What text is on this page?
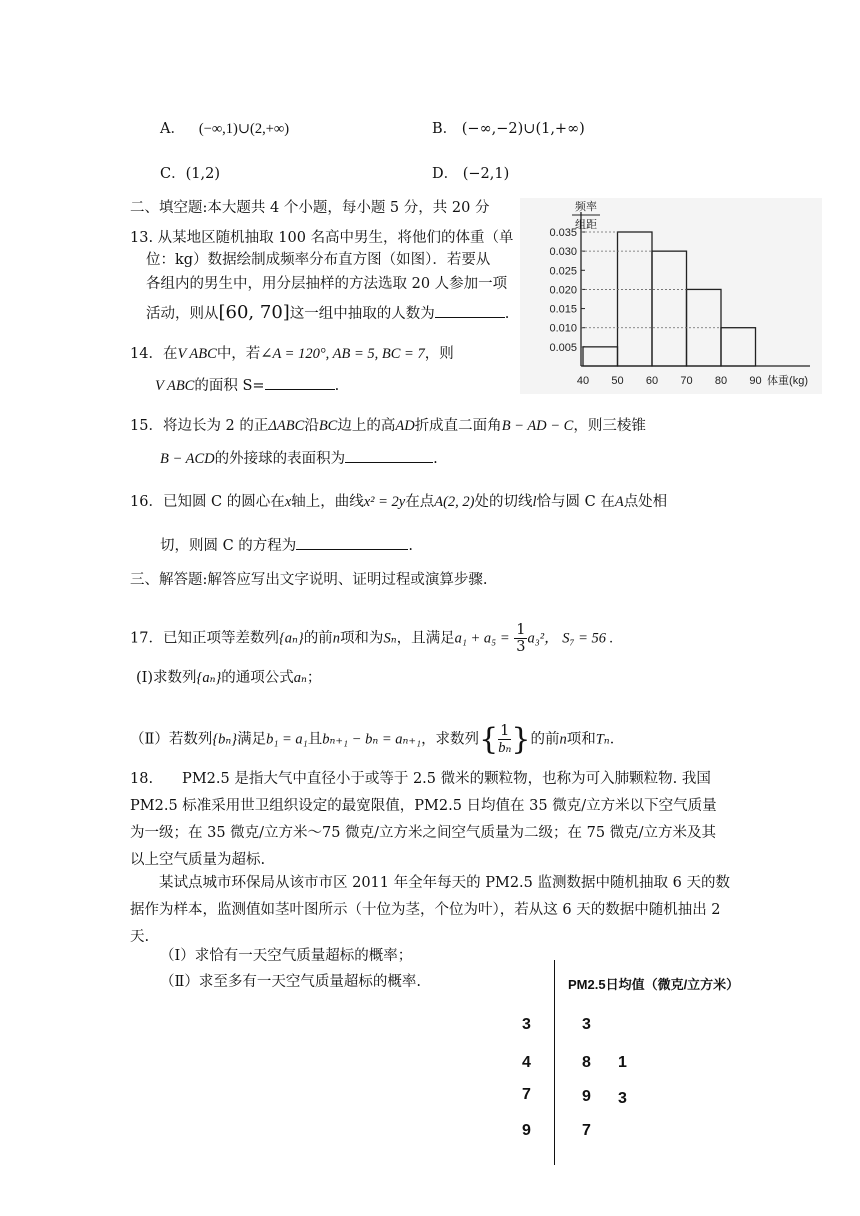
A． (−∞,1)∪(2,+∞)	B． (−∞,−2)∪(1,+∞)
C．(1,2)	D． (−2,1)
二、填空题:本大题共 4 个小题，每小题 5 分，共 20 分
13. 从某地区随机抽取 100 名高中男生，将他们的体重（单
位：kg）数据绘制成频率分布直方图（如图）．若要从
各组内的男生中，用分层抽样的方法选取 20 人参加一项
活动，则从[60, 70]这一组中抽取的人数为	.
0.005
0.010
0.015
0.020
0.025
0.030
0.035
40 50 60 70 80 90
频率
组距
体重(kg)
14．在V ABC中，若∠A = 120°, AB = 5, BC = 7，则
V ABC的面积 S=	.
15．将边长为 2 的正ΔABC沿BC边上的高AD折成直二面角B − AD − C，则三棱锥
B − ACD的外接球的表面积为	.
16．已知圆 C 的圆心在x轴上，曲线x² = 2y在点A(2, 2)处的切线l恰与圆 C 在A点处相
切，则圆 C 的方程为	.
三、解答题:解答应写出文字说明、证明过程或演算步骤.
17．已知正项等差数列{aₙ}的前n项和为Sₙ，且满足$a_1 + a_5 = \frac{1}{3} a_3^2$， S₇ = 56 .
(Ⅰ)求数列{aₙ}的通项公式aₙ；
（Ⅱ）若数列{bₙ}满足b₁ = a₁且bₙ₊₁ − bₙ = aₙ₊₁，求数列{ $\frac{1}{\text{bₙ}}$ }的前n项和Tₙ．
18.　　PM2.5 是指大气中直径小于或等于 2.5 微米的颗粒物，也称为可入肺颗粒物. 我国 PM2.5 标准采用世卫组织设定的最宽限值，PM2.5 日均值在 35 微克/立方米以下空气质量为一级；在 35 微克/立方米～75 微克/立方米之间空气质量为二级；在 75 微克/立方米及其以上空气质量为超标.
　　某试点城市环保局从该市市区 2011 年全年每天的 PM2.5 监测数据中随机抽取 6 天的数据作为样本，监测值如茎叶图所示（十位为茎，个位为叶），若从这 6 天的数据中随机抽出 2 天.
（Ⅰ）求恰有一天空气质量超标的概率；
（Ⅱ）求至多有一天空气质量超标的概率.	PM2.5日均值（微克/立方米）
3	3
4	8 1
7	9 3
9	7
